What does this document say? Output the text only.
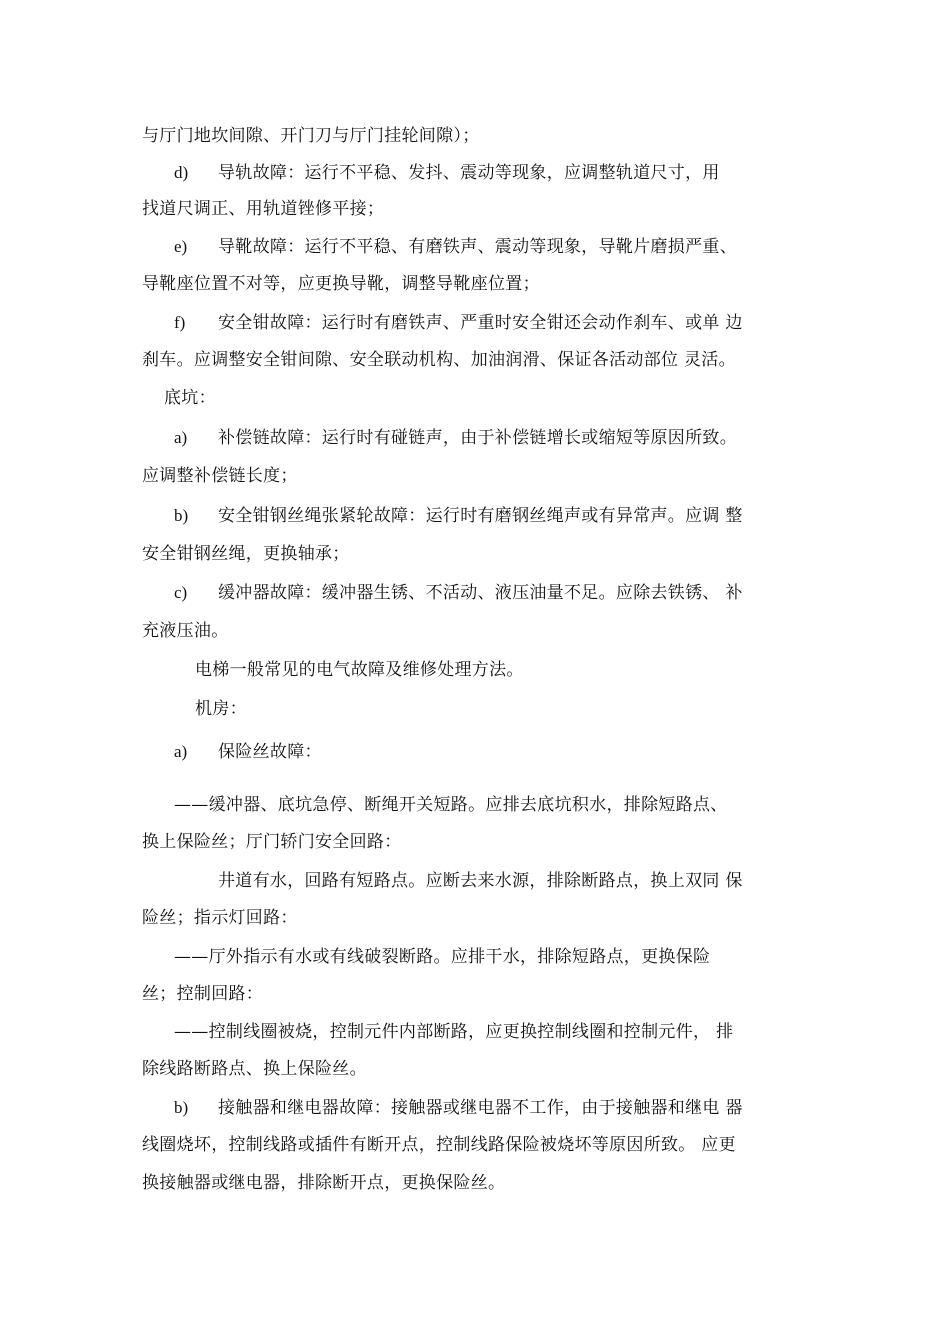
与厅门地坎间隙、开门刀与厅门挂轮间隙）；
d) 导轨故障：运行不平稳、发抖、震动等现象，应调整轨道尺寸，用
找道尺调正、用轨道锉修平接；
e) 导靴故障：运行不平稳、有磨铁声、震动等现象，导靴片磨损严重、
导靴座位置不对等，应更换导靴，调整导靴座位置；
f) 安全钳故障：运行时有磨铁声、严重时安全钳还会动作刹车、或单 边
刹车。应调整安全钳间隙、安全联动机构、加油润滑、保证各活动部位 灵活。
底坑：
a) 补偿链故障：运行时有碰链声，由于补偿链增长或缩短等原因所致。
应调整补偿链长度；
b) 安全钳钢丝绳张紧轮故障：运行时有磨钢丝绳声或有异常声。应调 整
安全钳钢丝绳，更换轴承；
c) 缓冲器故障：缓冲器生锈、不活动、液压油量不足。应除去铁锈、 补
充液压油。
电梯一般常见的电气故障及维修处理方法。
机房：
a) 保险丝故障：
——缓冲器、底坑急停、断绳开关短路。应排去底坑积水，排除短路点、
换上保险丝；厅门轿门安全回路：
井道有水，回路有短路点。应断去来水源，排除断路点，换上双同 保
险丝；指示灯回路：
——厅外指示有水或有线破裂断路。应排干水，排除短路点，更换保险
丝；控制回路：
——控制线圈被烧，控制元件内部断路，应更换控制线圈和控制元件， 排
除线路断路点、换上保险丝。
b) 接触器和继电器故障：接触器或继电器不工作，由于接触器和继电 器
线圈烧坏，控制线路或插件有断开点，控制线路保险被烧坏等原因所致。 应更
换接触器或继电器，排除断开点，更换保险丝。
